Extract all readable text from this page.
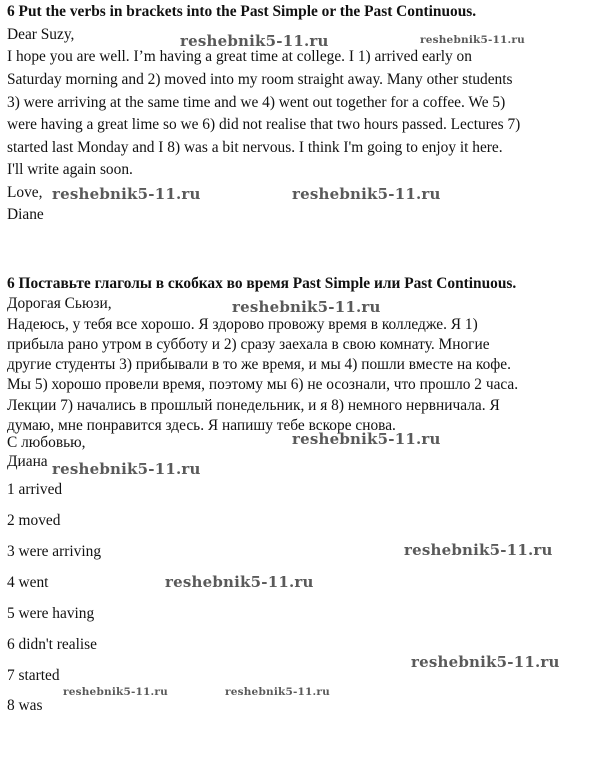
6 Put the verbs in brackets into the Past Simple or the Past Continuous.
Dear Suzy,
I hope you are well. I’m having a great time at college. I 1) arrived early on
Saturday morning and 2) moved into my room straight away. Many other students
3) were arriving at the same time and we 4) went out together for a coffee. We 5)
were having a great lime so we 6) did not realise that two hours passed. Lectures 7)
started last Monday and I 8) was a bit nervous. I think I'm going to enjoy it here.
I'll write again soon.
Love,
Diane
6 Поставьте глаголы в скобках во время Past Simple или Past Continuous.
Дорогая Сьюзи,
Надеюсь, у тебя все хорошо. Я здорово провожу время в колледже. Я 1)
прибыла рано утром в субботу и 2) сразу заехала в свою комнату. Многие
другие студенты 3) прибывали в то же время, и мы 4) пошли вместе на кофе.
Мы 5) хорошо провели время, поэтому мы 6) не осознали, что прошло 2 часа.
Лекции 7) начались в прошлый понедельник, и я 8) немного нервничала. Я
думаю, мне понравится здесь. Я напишу тебе вскоре снова.
С любовью,
Диана
1 arrived
2 moved
3 were arriving
4 went
5 were having
6 didn't realise
7 started
8 was
reshebnik5-11.ru	reshebnik5-11.ru
reshebnik5-11.ru	reshebnik5-11.ru
reshebnik5-11.ru
reshebnik5-11.ru
reshebnik5-11.ru
reshebnik5-11.ru
reshebnik5-11.ru
reshebnik5-11.ru
reshebnik5-11.ru	reshebnik5-11.ru
